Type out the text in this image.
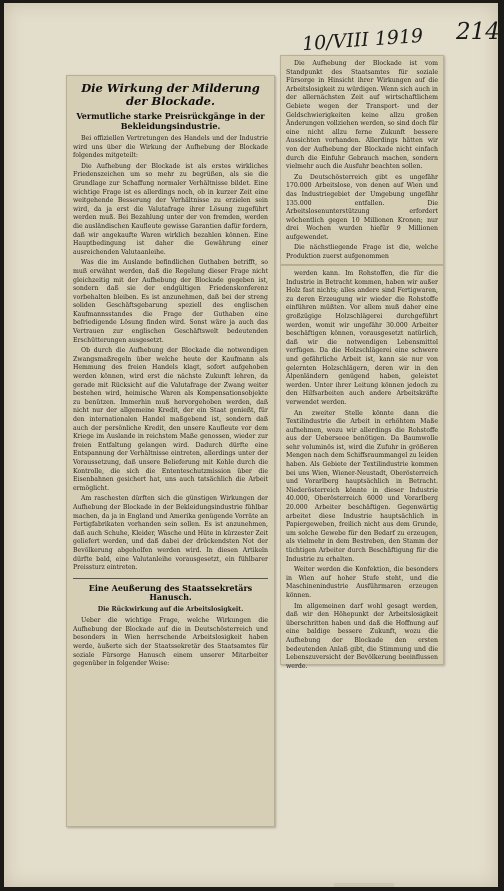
10/VIII 1919 214
Die Wirkung der Milderung der Blockade.
Vermutliche starke Preisrückgänge in der Bekleidungsindustrie.

Bei offiziellen Vertretungen des Handels und der Industrie wird uns über die Wirkung der Aufhebung der Blockade folgendes mitgeteilt:

Die Aufhebung der Blockade ist als erstes wirkliches Friedenszeichen um so mehr zu begrüßen, als sie die Grundlage zur Schaffung normaler Verhältnisse bildet. Eine wichtige Frage ist es allerdings noch, ob in kurzer Zeit eine weitgehende Besserung der Verhältnisse zu erzielen sein wird, da ja erst die Valutafrage ihrer Lösung zugeführt werden muß. Bei Bezahlung unter der von fremden, werden die ausländischen Kaufleute gewisse Garantien dafür fordern, daß wir angekaufte Waren wirklich bezahlen können. Eine Hauptbedingung ist daher die Gewährung einer ausreichenden Valutaanleihe.

Was die im Auslande befindlichen Guthaben betrifft, so muß erwähnt werden, daß die Regelung dieser Frage nicht gleichzeitig mit der Aufhebung der Blockade gegeben ist, sondern daß sie der endgültigen Friedenskonferenz vorbehalten bleiben. Es ist anzunehmen, daß bei der streng soliden Geschäftsgebarung speziell des englischen Kaufmannsstandes die Frage der Guthaben eine befriedigende Lösung finden wird. Sonst wäre ja auch das Vertrauen zur englischen Geschäftswelt bedeutenden Erschütterungen ausgesetzt.

Ob durch die Aufhebung der Blockade die notwendigen Zwangsmaßregeln über welche heute der Kaufmann als Hemmung des freien Handels klagt, sofort aufgehoben werden können, wird erst die nächste Zukunft lehren, da gerade mit Rücksicht auf die Valutafrage der Zwang weiter bestehen wird, heimische Waren als Kompensationsobjekte zu benützen. Immerhin muß hervorgehoben werden, daß nicht nur der allgemeine Kredit, der ein Staat genießt, für den internationalen Handel maßgebend ist, sondern daß auch der persönliche Kredit, den unsere Kaufleute vor dem Kriege im Auslande in reichstem Maße genossen, wieder zur freien Entfaltung gelangen wird. Dadurch dürfte eine Entspannung der Verhältnisse eintreten, allerdings unter der Voraussetzung, daß unsere Belieferung mit Kohle durch die Kontrolle, die sich die Ententeschutzmission über die Eisenbahnen gesichert hat, uns auch tatsächlich die Arbeit ermöglicht.

Am raschesten dürften sich die günstigen Wirkungen der Aufhebung der Blockade in der Bekleidungsindustrie fühlbar machen, da ja in England und Amerika genügende Vorräte an Fertigfabrikaten vorhanden sein sollen. Es ist anzunehmen, daß auch Schuhe, Kleider, Wäsche und Hüte in kürzester Zeit geliefert werden, und daß dabei der drückendsten Not der Bevölkerung abgeholfen werden wird. In diesen Artikeln dürfte bald, eine Valutanleihe vorausgesetzt, ein fühlbarer Preissturz eintreten.

Eine Aeußerung des Staatssekretärs Hanusch.
Die Rückwirkung auf die Arbeitslosigkeit.

Ueber die wichtige Frage, welche Wirkungen die Aufhebung der Blockade auf die in Deutschösterreich und besonders in Wien herrschende Arbeitslosigkeit haben werde, äußerte sich der Staatssekretär des Staatsamtes für soziale Fürsorge Hanusch einem unserer Mitarbeiter gegenüber in folgender Weise:

Die Aufhebung der Blockade ist vom Standpunkt des Staatsamtes für soziale Fürsorge in Hinsicht ihrer Wirkungen auf die Arbeitslosigkeit zu würdigen. Wenn sich auch in der allernächsten Zeit auf wirtschaftlichem Gebiete wegen der Transport- und der Geldschwierigkeiten keine allzu großen Änderungen vollziehen werden, so sind doch für eine nicht allzu ferne Zukunft bessere Aussichten vorhanden. Allerdings hätten wir von der Aufhebung der Blockade nicht einfach durch die Einfuhr Gebrauch machen, sondern vielmehr auch die Ausfuhr beachten sollen.

Zu Deutschösterreich gibt es ungefähr 170.000 Arbeitslose, von denen auf Wien und das Industriegebiet der Umgebung ungefähr 135.000 entfallen. Die Arbeitslosenunterstützung erfordert wöchentlich gegen 10 Millionen Kronen; nur drei Wochen wurden hiefür 9 Millionen aufgewendet.

Die nächstliegende Frage ist die, welche Produktion zuerst aufgenommen

werden kann. Im Rohstoffen, die für die Industrie in Betracht kommen, haben wir außer Holz fast nichts; alles andere sind Fertigwaren, zu deren Erzeugung wir wieder die Rohstoffe einführen müßten. Vor allem muß daher eine großzügige Holzschlägerei durchgeführt werden, womit wir ungefähr 30.000 Arbeiter beschäftigen können, vorausgesetzt natürlich, daß wir die notwendigen Lebensmittel verfügen. Da die Holzschlägerei eine schwere und gefährliche Arbeit ist, kann sie nur von gelernten Holzschlägern, deren wir in den Alpenländern genügend haben, geleistet werden. Unter ihrer Leitung können jedoch zu den Hilfsarbeiten auch andere Arbeitskräfte verwendet werden.

An zweiter Stelle könnte dann die Textilindustrie die Arbeit in erhöhtem Maße aufnehmen, wozu wir allerdings die Rohstoffe aus der Ueberseee benötigen. Da Baumwolle sehr voluminös ist, wird die Zufuhr in größeren Mengen nach dem Schiffsraummangel zu leiden haben. Als Gebiete der Textilindustrie kommen bei uns Wien, Wiener-Neustadt, Oberösterreich und Vorarlberg hauptsächlich in Betracht. Niederösterreich könnte in dieser Industrie 40.000, Oberösterreich 6000 und Vorarlberg 20.000 Arbeiter beschäftigen. Gegenwärtig arbeitet diese Industrie hauptsächlich in Papiergeweben, freilich nicht aus dem Grunde, um solche Gewebe für den Bedarf zu erzeugen, als vielmehr in dem Bestreben, den Stamm der tüchtigen Arbeiter durch Beschäftigung für die Industrie zu erhalten.

Weiter werden die Konfektion, die besonders in Wien auf hoher Stufe steht, und die Maschinenindustrie Ausführmaren erzeugen können.

Im allgemeinen darf wohl gesagt werden, daß wir den Höhepunkt der Arbeitslosigkeit überschritten haben und daß die Hoffnung auf eine baldige bessere Zukunft, wozu die Aufhebung der Blockade den ersten bedeutenden Anlaß gibt, die Stimmung und die Lebenszuversicht der Bevölkerung beeinflussen werde.
